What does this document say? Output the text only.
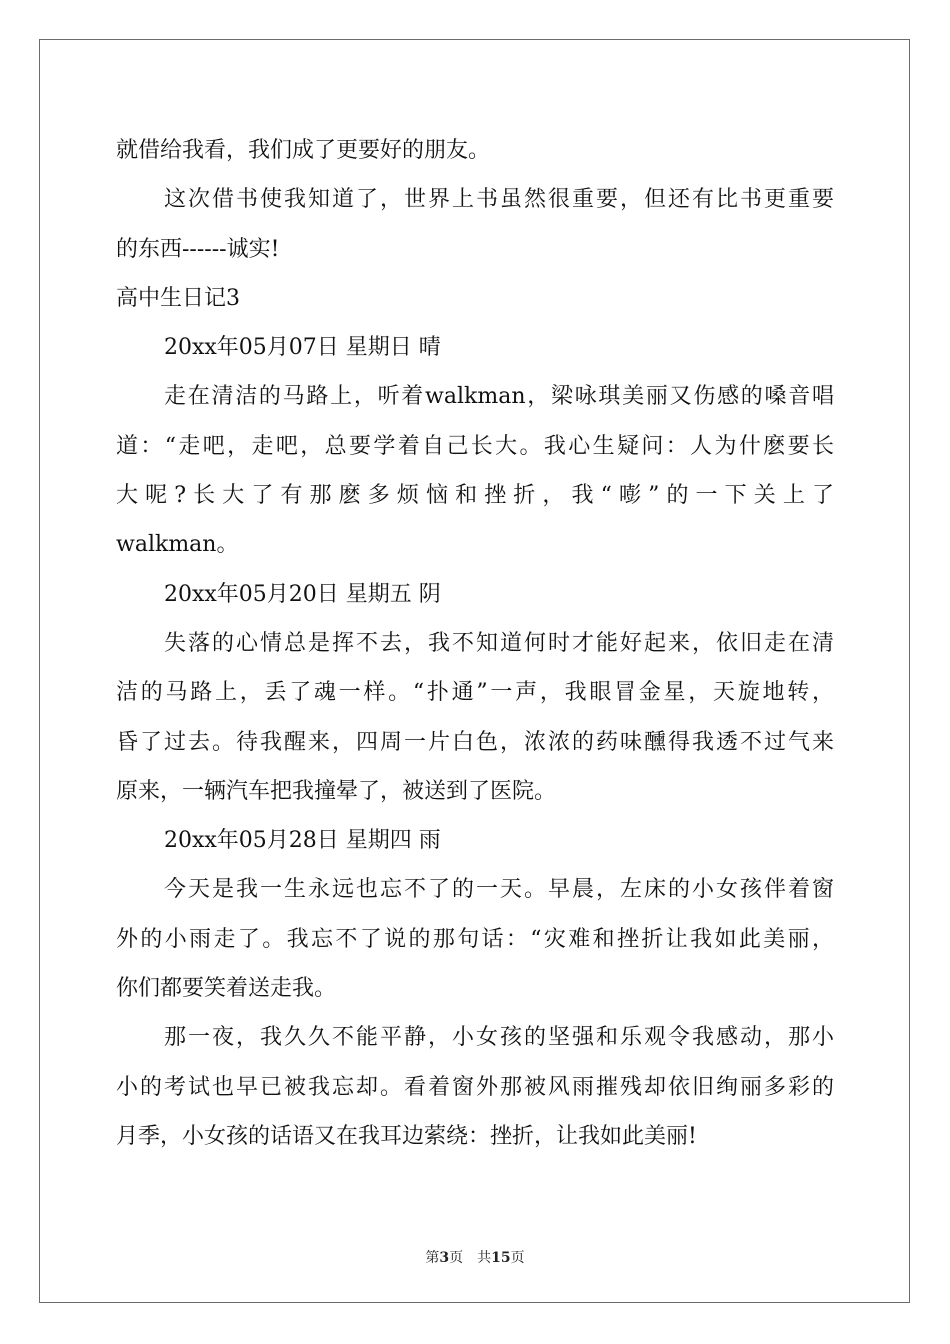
就借给我看，我们成了更要好的朋友。
这次借书使我知道了，世界上书虽然很重要，但还有比书更重要
的东西------诚实!
高中生日记3
20xx年05月07日 星期日 晴
走在清洁的马路上，听着walkman，梁咏琪美丽又伤感的嗓音唱
道：“走吧，走吧，总要学着自己长大。我心生疑问：人为什麽要长
大呢?长大了有那麽多烦恼和挫折，我“嘭”的一下关上了
walkman。
20xx年05月20日 星期五 阴
失落的心情总是挥不去，我不知道何时才能好起来，依旧走在清
洁的马路上，丢了魂一样。“扑通”一声，我眼冒金星，天旋地转，
昏了过去。待我醒来，四周一片白色，浓浓的药味醺得我透不过气来
原来，一辆汽车把我撞晕了，被送到了医院。
20xx年05月28日 星期四 雨
今天是我一生永远也忘不了的一天。早晨，左床的小女孩伴着窗
外的小雨走了。我忘不了说的那句话：“灾难和挫折让我如此美丽，
你们都要笑着送走我。
那一夜，我久久不能平静，小女孩的坚强和乐观令我感动，那小
小的考试也早已被我忘却。看着窗外那被风雨摧残却依旧绚丽多彩的
月季，小女孩的话语又在我耳边萦绕：挫折，让我如此美丽!
第3页 共15页
